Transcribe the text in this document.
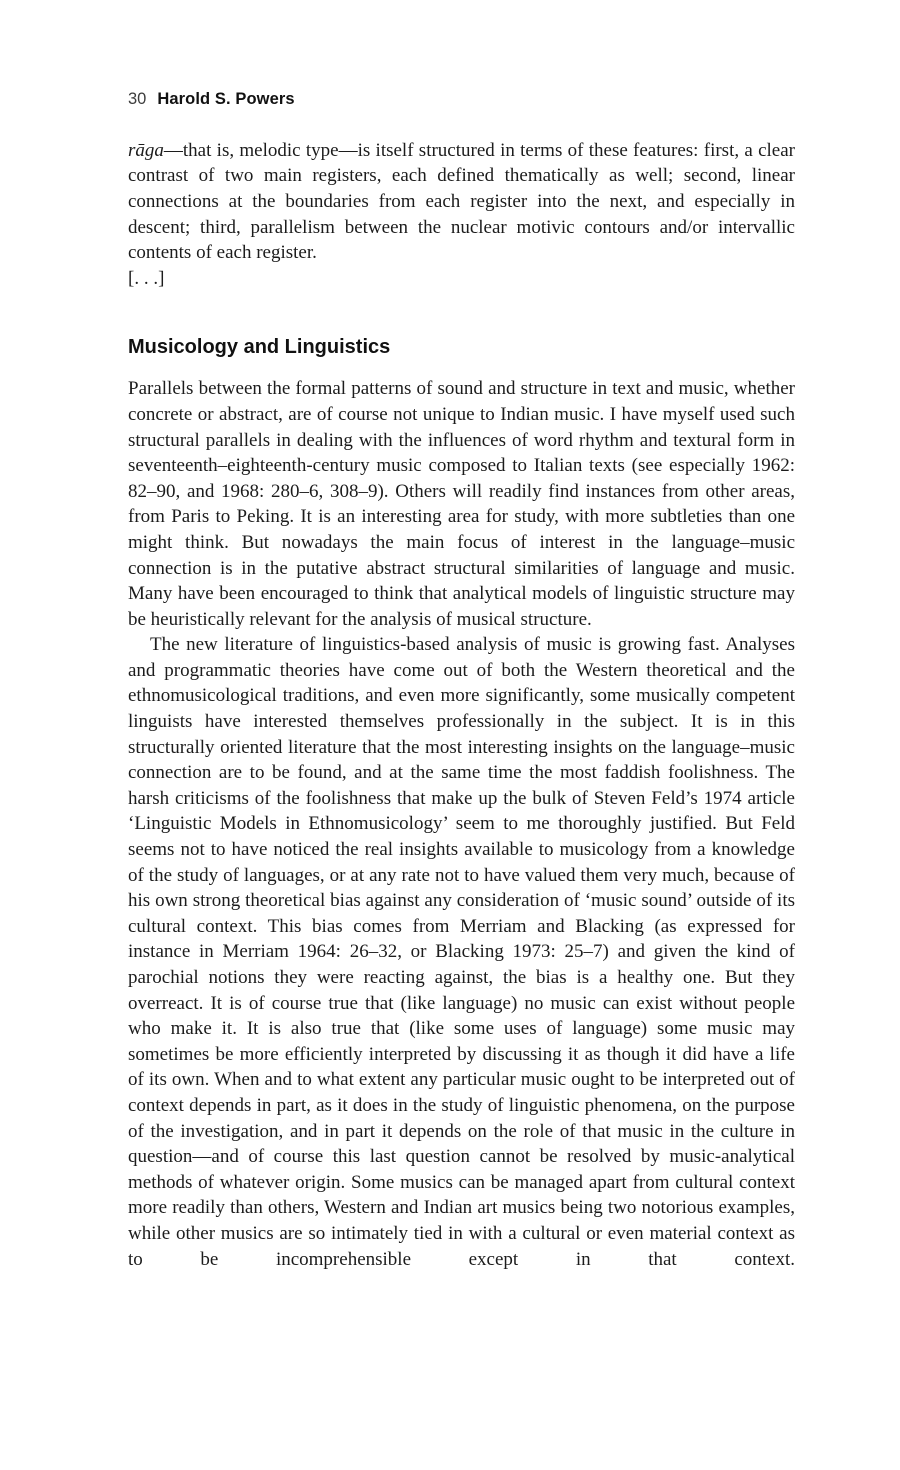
30 Harold S. Powers

rāga—that is, melodic type—is itself structured in terms of these features: first, a clear contrast of two main registers, each defined thematically as well; second, linear connections at the boundaries from each register into the next, and especially in descent; third, parallelism between the nuclear motivic contours and/or intervallic contents of each register.

[. . .]

Musicology and Linguistics

Parallels between the formal patterns of sound and structure in text and music, whether concrete or abstract, are of course not unique to Indian music. I have myself used such structural parallels in dealing with the influences of word rhythm and textural form in seventeenth–eighteenth-century music composed to Italian texts (see especially 1962: 82–90, and 1968: 280–6, 308–9). Others will readily find instances from other areas, from Paris to Peking. It is an interesting area for study, with more subtleties than one might think. But nowadays the main focus of interest in the language–music connection is in the putative abstract structural similarities of language and music. Many have been encouraged to think that analytical models of linguistic structure may be heuristically relevant for the analysis of musical structure.

The new literature of linguistics-based analysis of music is growing fast. Analyses and programmatic theories have come out of both the Western theoretical and the ethnomusicological traditions, and even more significantly, some musically competent linguists have interested themselves professionally in the subject. It is in this structurally oriented literature that the most interesting insights on the language–music connection are to be found, and at the same time the most faddish foolishness. The harsh criticisms of the foolishness that make up the bulk of Steven Feld’s 1974 article ‘Linguistic Models in Ethnomusicology’ seem to me thoroughly justified. But Feld seems not to have noticed the real insights available to musicology from a knowledge of the study of languages, or at any rate not to have valued them very much, because of his own strong theoretical bias against any consideration of ‘music sound’ outside of its cultural context. This bias comes from Merriam and Blacking (as expressed for instance in Merriam 1964: 26–32, or Blacking 1973: 25–7) and given the kind of parochial notions they were reacting against, the bias is a healthy one. But they overreact. It is of course true that (like language) no music can exist without people who make it. It is also true that (like some uses of language) some music may sometimes be more efficiently interpreted by discussing it as though it did have a life of its own. When and to what extent any particular music ought to be interpreted out of context depends in part, as it does in the study of linguistic phenomena, on the purpose of the investigation, and in part it depends on the role of that music in the culture in question—and of course this last question cannot be resolved by music-analytical methods of whatever origin. Some musics can be managed apart from cultural context more readily than others, Western and Indian art musics being two notorious examples, while other musics are so intimately tied in with a cultural or even material context as to be incomprehensible except in that context.
